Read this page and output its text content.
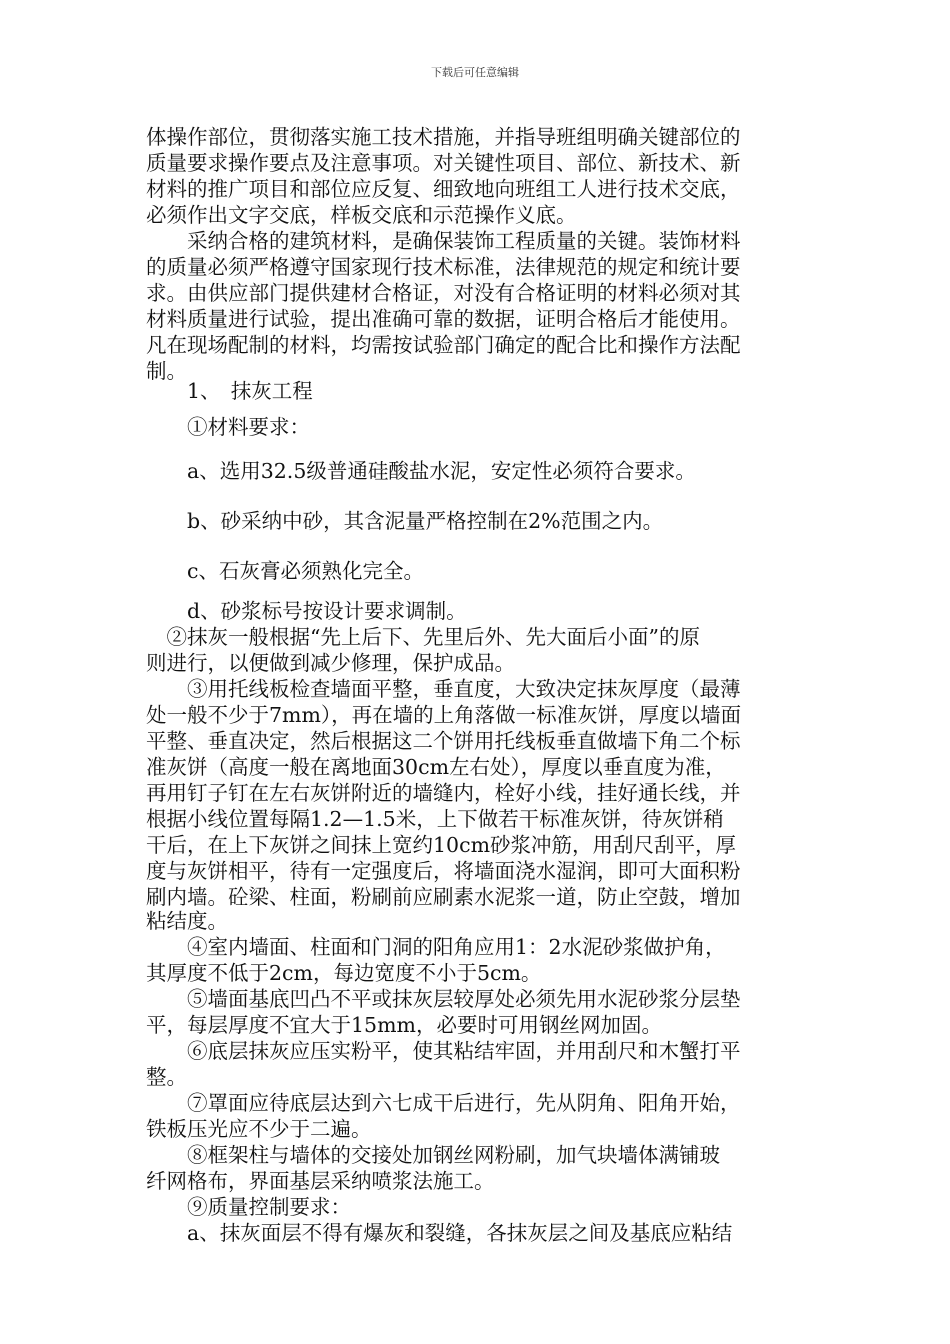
下载后可任意编辑
体操作部位，贯彻落实施工技术措施，并指导班组明确关键部位的
质量要求操作要点及注意事项。对关键性项目、部位、新技术、新
材料的推广项目和部位应反复、细致地向班组工人进行技术交底，
必须作出文字交底，样板交底和示范操作义底。
　　采纳合格的建筑材料，是确保装饰工程质量的关键。装饰材料
的质量必须严格遵守国家现行技术标准，法律规范的规定和统计要
求。由供应部门提供建材合格证，对没有合格证明的材料必须对其
材料质量进行试验，提出准确可靠的数据，证明合格后才能使用。
凡在现场配制的材料，均需按试验部门确定的配合比和操作方法配
制。
　　1、　抹灰工程
　　①材料要求：
　　a、选用32.5级普通硅酸盐水泥，安定性必须符合要求。
　　b、砂采纳中砂，其含泥量严格控制在2%范围之内。
　　c、石灰膏必须熟化完全。
　　d、砂浆标号按设计要求调制。
　②抹灰一般根据“先上后下、先里后外、先大面后小面”的原
则进行，以便做到减少修理，保护成品。
　　③用托线板检查墙面平整，垂直度，大致决定抹灰厚度（最薄
处一般不少于7mm），再在墙的上角落做一标准灰饼，厚度以墙面
平整、垂直决定，然后根据这二个饼用托线板垂直做墙下角二个标
准灰饼（高度一般在离地面30cm左右处），厚度以垂直度为准，
再用钉子钉在左右灰饼附近的墙缝内，栓好小线，挂好通长线，并
根据小线位置每隔1.2—1.5米，上下做若干标准灰饼，待灰饼稍
干后，在上下灰饼之间抹上宽约10cm砂浆冲筋，用刮尺刮平，厚
度与灰饼相平，待有一定强度后，将墙面浇水湿润，即可大面积粉
刷内墙。砼梁、柱面，粉刷前应刷素水泥浆一道，防止空鼓，增加
粘结度。
　　④室内墙面、柱面和门洞的阳角应用1：2水泥砂浆做护角，
其厚度不低于2cm，每边宽度不小于5cm。
　　⑤墙面基底凹凸不平或抹灰层较厚处必须先用水泥砂浆分层垫
平，每层厚度不宜大于15mm，必要时可用钢丝网加固。
　　⑥底层抹灰应压实粉平，使其粘结牢固，并用刮尺和木蟹打平
整。
　　⑦罩面应待底层达到六七成干后进行，先从阴角、阳角开始，
铁板压光应不少于二遍。
　　⑧框架柱与墙体的交接处加钢丝网粉刷，加气块墙体满铺玻
纤网格布，界面基层采纳喷浆法施工。
　　⑨质量控制要求：
　　a、抹灰面层不得有爆灰和裂缝，各抹灰层之间及基底应粘结
